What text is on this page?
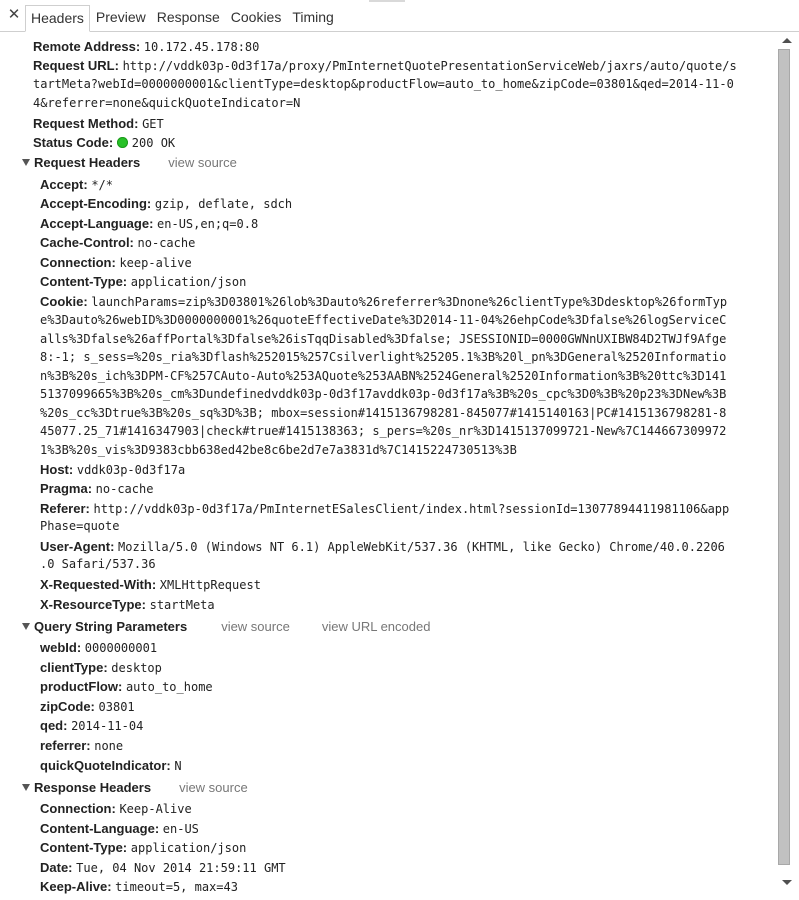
✕ Headers Preview Response Cookies Timing
Remote Address: 10.172.45.178:80
Request URL: http://vddk03p-0d3f17a/proxy/PmInternetQuotePresentationServiceWeb/jaxrs/auto/quote/s
tartMeta?webId=0000000001&clientType=desktop&productFlow=auto_to_home&zipCode=03801&qed=2014-11-0
4&referrer=none&quickQuoteIndicator=N
Request Method: GET
Status Code: 200 OK
Request Headers view source
Accept: */*
Accept-Encoding: gzip, deflate, sdch
Accept-Language: en-US,en;q=0.8
Cache-Control: no-cache
Connection: keep-alive
Content-Type: application/json
Cookie: launchParams=zip%3D03801%26lob%3Dauto%26referrer%3Dnone%26clientType%3Ddesktop%26formTyp
e%3Dauto%26webID%3D0000000001%26quoteEffectiveDate%3D2014-11-04%26ehpCode%3Dfalse%26logServiceC
alls%3Dfalse%26affPortal%3Dfalse%26isTqqDisabled%3Dfalse; JSESSIONID=0000GWNnUXIBW84D2TWJf9Afge
8:-1; s_sess=%20s_ria%3Dflash%252015%257Csilverlight%25205.1%3B%20l_pn%3DGeneral%2520Informatio
n%3B%20s_ich%3DPM-CF%257CAuto-Auto%253AQuote%253AABN%2524General%2520Information%3B%20ttc%3D141
5137099665%3B%20s_cm%3Dundefinedvddk03p-0d3f17avddk03p-0d3f17a%3B%20s_cpc%3D0%3B%20p23%3DNew%3B
%20s_cc%3Dtrue%3B%20s_sq%3D%3B; mbox=session#1415136798281-845077#1415140163|PC#1415136798281-8
45077.25_71#1416347903|check#true#1415138363; s_pers=%20s_nr%3D1415137099721-New%7C144667309972
1%3B%20s_vis%3D9383cbb638ed42be8c6be2d7e7a3831d%7C1415224730513%3B
Host: vddk03p-0d3f17a
Pragma: no-cache
Referer: http://vddk03p-0d3f17a/PmInternetESalesClient/index.html?sessionId=13077894411981106&app
Phase=quote
User-Agent: Mozilla/5.0 (Windows NT 6.1) AppleWebKit/537.36 (KHTML, like Gecko) Chrome/40.0.2206
.0 Safari/537.36
X-Requested-With: XMLHttpRequest
X-ResourceType: startMeta
Query String Parameters	view source view URL encoded
webId: 0000000001
clientType: desktop
productFlow: auto_to_home
zipCode: 03801
qed: 2014-11-04
referrer: none
quickQuoteIndicator: N
Response Headers view source
Connection: Keep-Alive
Content-Language: en-US
Content-Type: application/json
Date: Tue, 04 Nov 2014 21:59:11 GMT
Keep-Alive: timeout=5, max=43
